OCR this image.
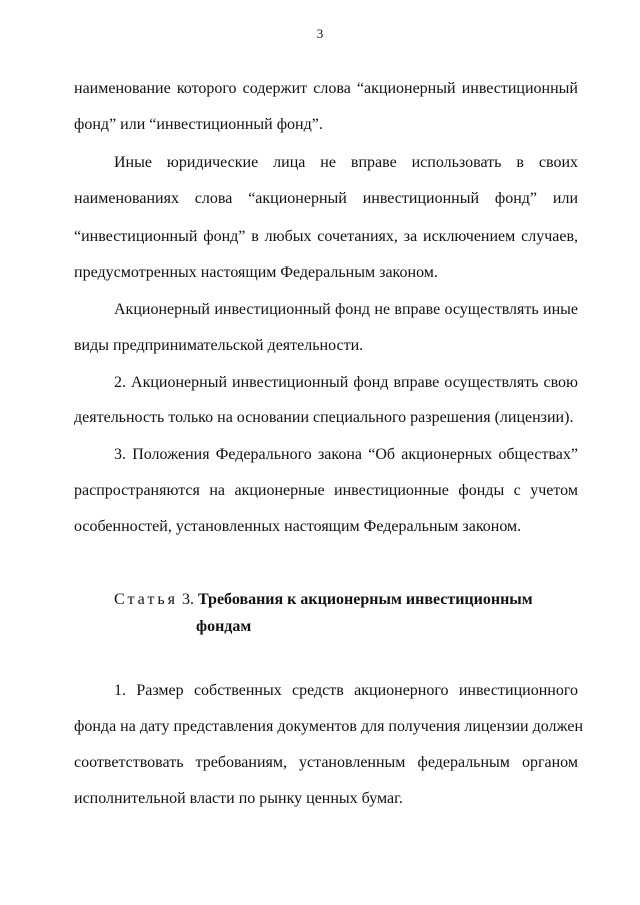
3
наименование которого содержит слова “акционерный инвестиционный
фонд” или “инвестиционный фонд”.
Иные юридические лица не вправе использовать в своих
наименованиях слова “акционерный инвестиционный фонд” или
“инвестиционный фонд” в любых сочетаниях, за исключением случаев,
предусмотренных настоящим Федеральным законом.
Акционерный инвестиционный фонд не вправе осуществлять иные
виды предпринимательской деятельности.
2. Акционерный инвестиционный фонд вправе осуществлять свою
деятельность только на основании специального разрешения (лицензии).
3. Положения Федерального закона “Об акционерных обществах”
распространяются на акционерные инвестиционные фонды с учетом
особенностей, установленных настоящим Федеральным законом.
Статья 3. Требования к акционерным инвестиционным
фондам
1. Размер собственных средств акционерного инвестиционного
фонда на дату представления документов для получения лицензии должен
соответствовать требованиям, установленным федеральным органом
исполнительной власти по рынку ценных бумаг.
